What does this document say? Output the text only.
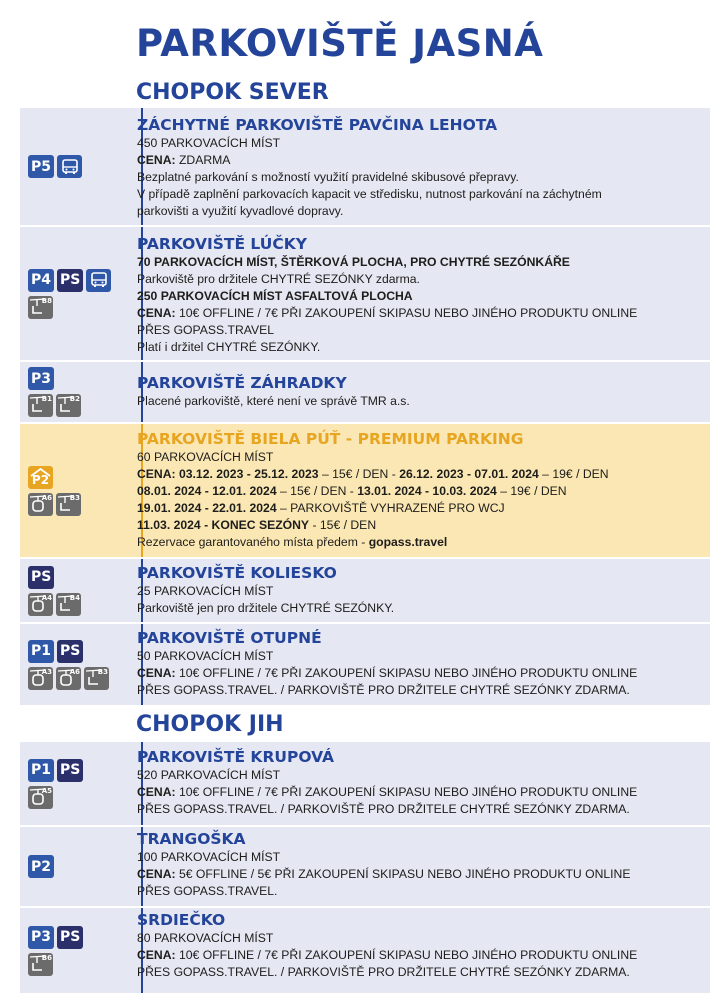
PARKOVIŠTĚ JASNÁ
CHOPOK SEVER
P5
ZÁCHYTNÉ PARKOVIŠTĚ PAVČINA LEHOTA
450 PARKOVACÍCH MÍST
CENA: ZDARMA
Bezplatné parkování s možností využití pravidelné skibusové přepravy.
V případě zaplnění parkovacích kapacit ve středisku, nutnost parkování na záchytném
parkovišti a využití kyvadlové dopravy.
P4 PS
B8
PARKOVIŠTĚ LÚČKY
70 PARKOVACÍCH MÍST, ŠTĚRKOVÁ PLOCHA, PRO CHYTRÉ SEZÓNKÁŘE
Parkoviště pro držitele CHYTRÉ SEZÓNKY zdarma.
250 PARKOVACÍCH MÍST ASFALTOVÁ PLOCHA
CENA: 10€ OFFLINE / 7€ PŘI ZAKOUPENÍ SKIPASU NEBO JINÉHO PRODUKTU ONLINE
PŘES GOPASS.TRAVEL
Platí i držitel CHYTRÉ SEZÓNKY.
P3
B1	B2
PARKOVIŠTĚ ZÁHRADKY
Placené parkoviště, které není ve správě TMR a.s.
P2
A6	B3
PARKOVIŠTĚ BIELA PÚŤ - PREMIUM PARKING
60 PARKOVACÍCH MÍST
CENA: 03.12. 2023 - 25.12. 2023 – 15€ / DEN - 26.12. 2023 - 07.01. 2024 – 19€ / DEN
08.01. 2024 - 12.01. 2024 – 15€ / DEN - 13.01. 2024 - 10.03. 2024 – 19€ / DEN
19.01. 2024 - 22.01. 2024 – PARKOVIŠTĚ VYHRAZENÉ PRO WCJ
11.03. 2024 - KONEC SEZÓNY - 15€ / DEN
Rezervace garantovaného místa předem - gopass.travel
PS
A4	B4
PARKOVIŠTĚ KOLIESKO
25 PARKOVACÍCH MÍST
Parkoviště jen pro držitele CHYTRÉ SEZÓNKY.
P1 PS
A3	A6	B3
PARKOVIŠTĚ OTUPNÉ
50 PARKOVACÍCH MÍST
CENA: 10€ OFFLINE / 7€ PŘI ZAKOUPENÍ SKIPASU NEBO JINÉHO PRODUKTU ONLINE
PŘES GOPASS.TRAVEL. / PARKOVIŠTĚ PRO DRŽITELE CHYTRÉ SEZÓNKY ZDARMA.
CHOPOK JIH
P1 PS
A5
PARKOVIŠTĚ KRUPOVÁ
520 PARKOVACÍCH MÍST
CENA: 10€ OFFLINE / 7€ PŘI ZAKOUPENÍ SKIPASU NEBO JINÉHO PRODUKTU ONLINE
PŘES GOPASS.TRAVEL. / PARKOVIŠTĚ PRO DRŽITELE CHYTRÉ SEZÓNKY ZDARMA.
P2
TRANGOŠKA
100 PARKOVACÍCH MÍST
CENA: 5€ OFFLINE / 5€ PŘI ZAKOUPENÍ SKIPASU NEBO JINÉHO PRODUKTU ONLINE
PŘES GOPASS.TRAVEL.
P3 PS
B6
SRDIEČKO
80 PARKOVACÍCH MÍST
CENA: 10€ OFFLINE / 7€ PŘI ZAKOUPENÍ SKIPASU NEBO JINÉHO PRODUKTU ONLINE
PŘES GOPASS.TRAVEL. / PARKOVIŠTĚ PRO DRŽITELE CHYTRÉ SEZÓNKY ZDARMA.
